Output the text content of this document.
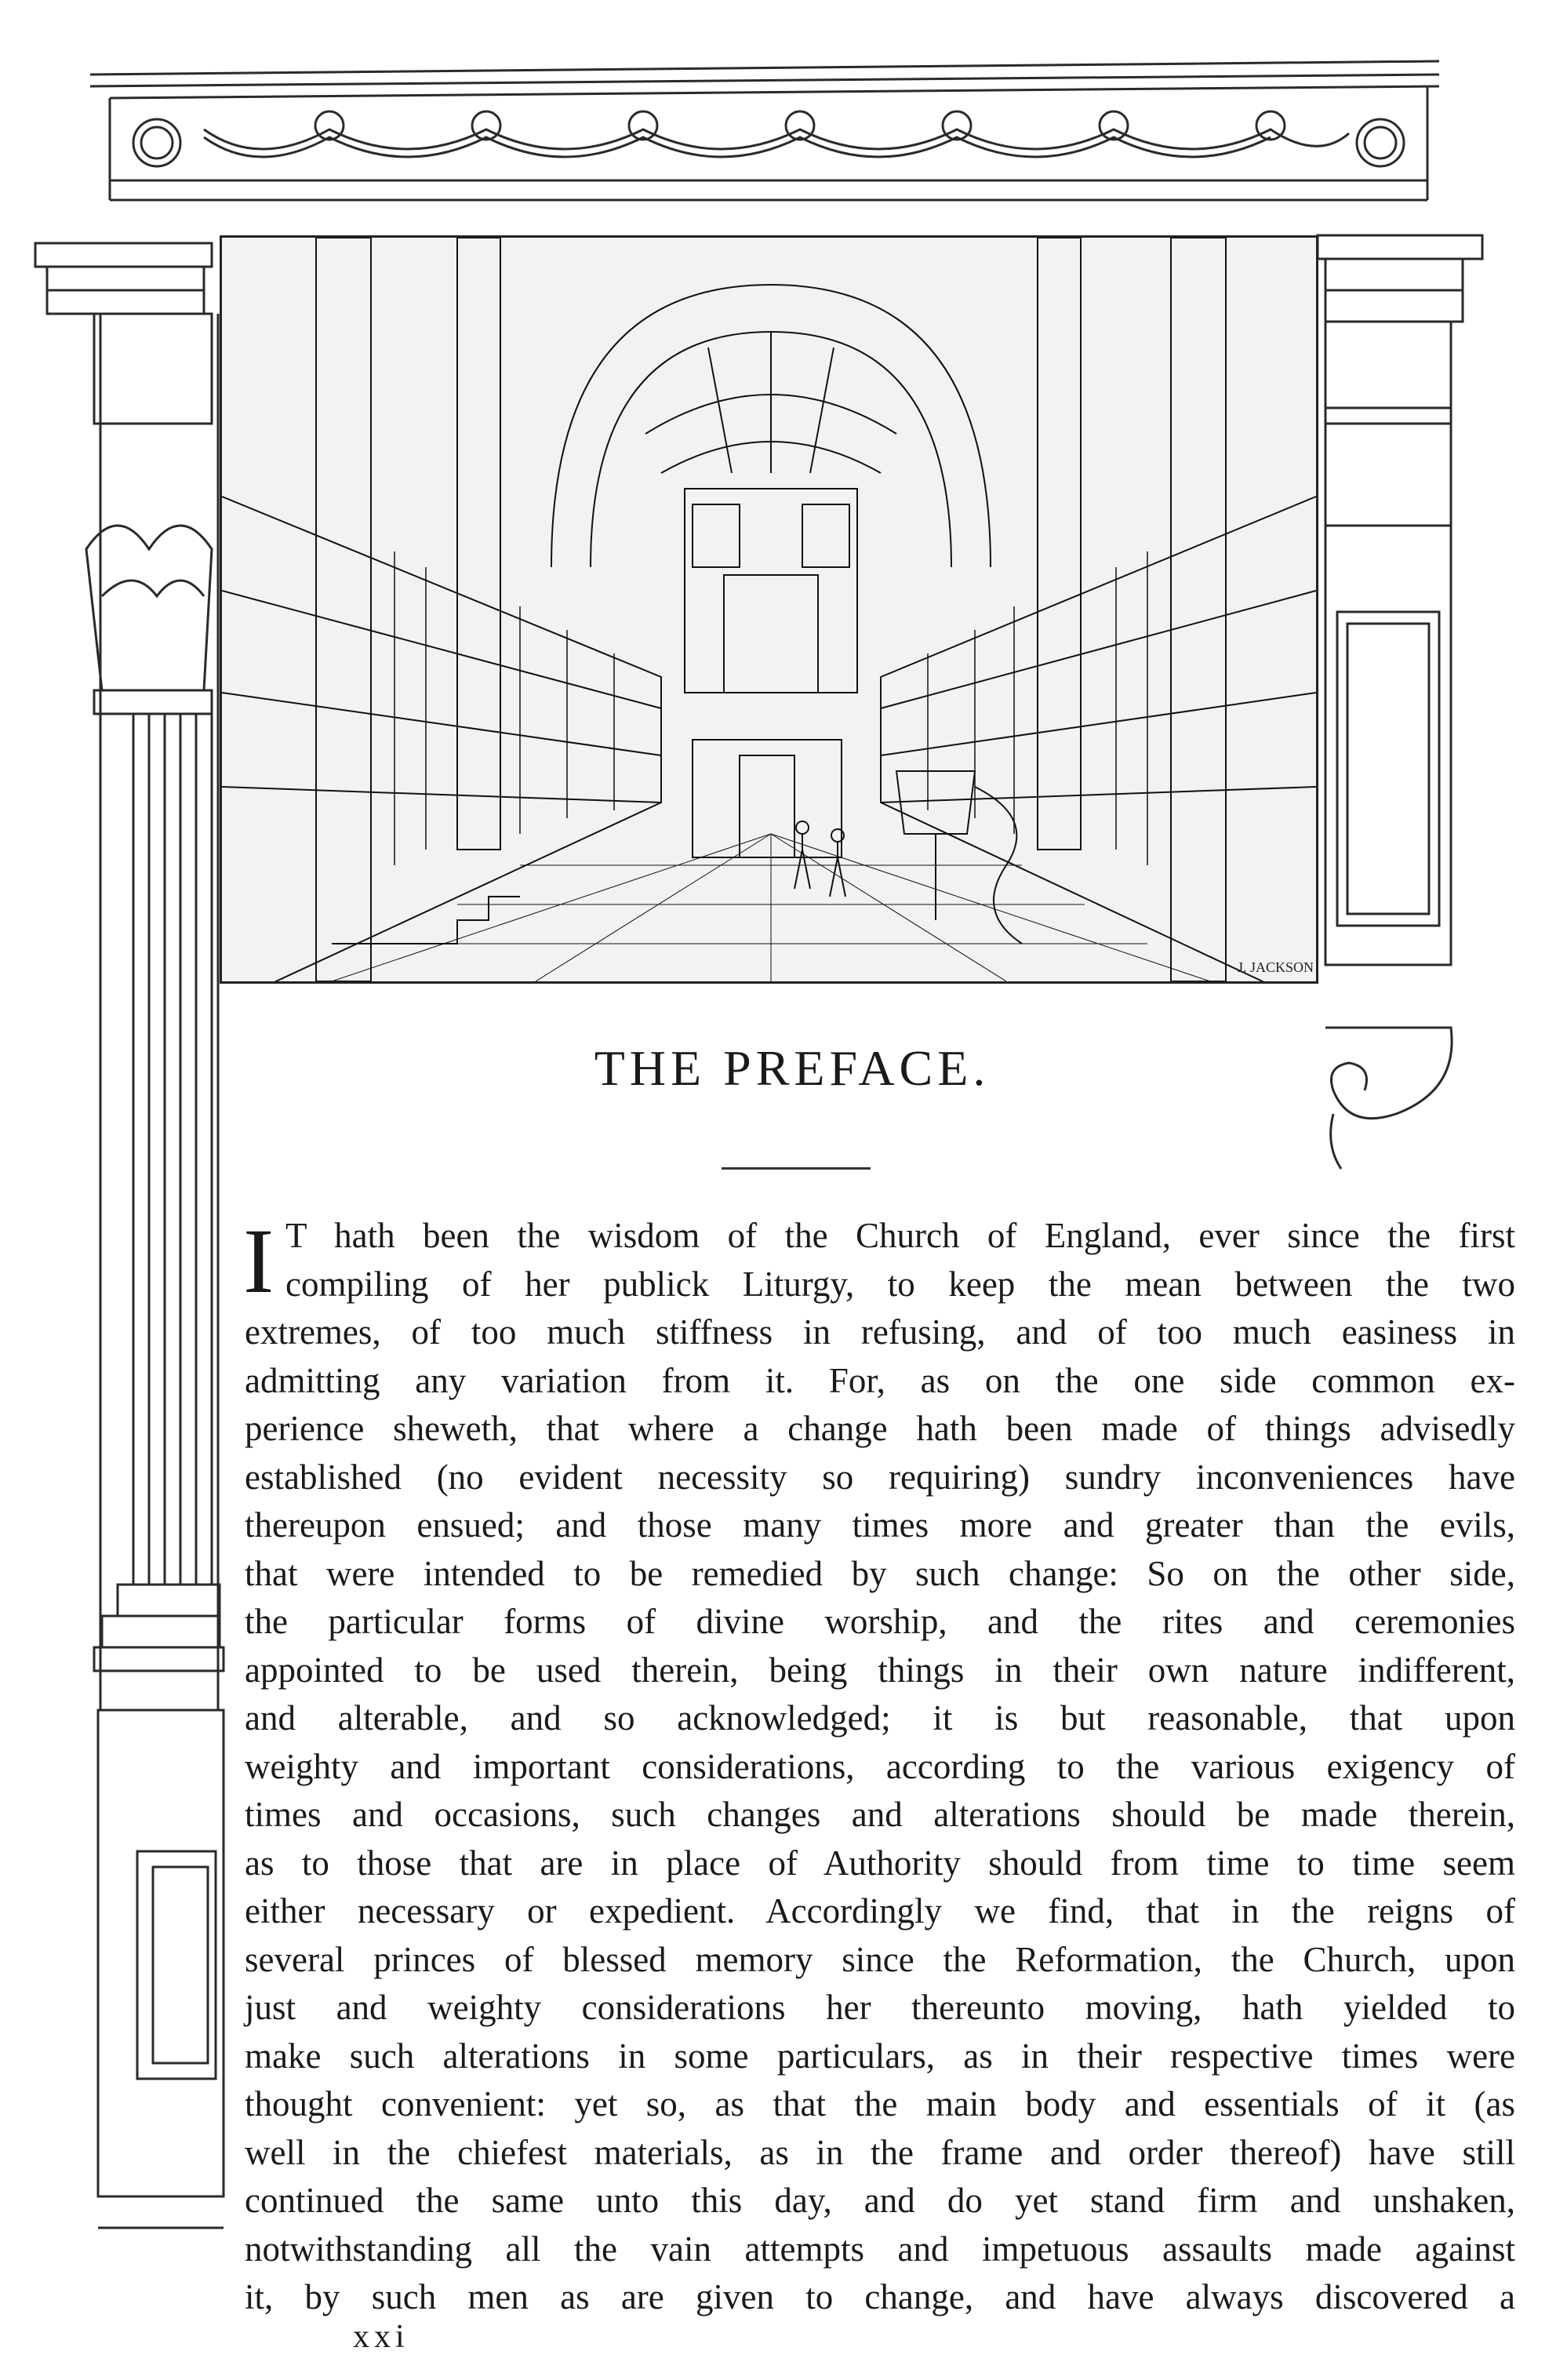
J. JACKSON
THE PREFACE.
I T hath been the wisdom of the Church of England, ever since the first
compiling of her publick Liturgy, to keep the mean between the two
extremes, of too much stiffness in refusing, and of too much easiness in
admitting any variation from it. For, as on the one side common ex-
perience sheweth, that where a change hath been made of things advisedly
established (no evident necessity so requiring) sundry inconveniences have
thereupon ensued; and those many times more and greater than the evils,
that were intended to be remedied by such change: So on the other side,
the particular forms of divine worship, and the rites and ceremonies
appointed to be used therein, being things in their own nature indifferent,
and alterable, and so acknowledged; it is but reasonable, that upon
weighty and important considerations, according to the various exigency of
times and occasions, such changes and alterations should be made therein,
as to those that are in place of Authority should from time to time seem
either necessary or expedient. Accordingly we find, that in the reigns of
several princes of blessed memory since the Reformation, the Church, upon
just and weighty considerations her thereunto moving, hath yielded to
make such alterations in some particulars, as in their respective times were
thought convenient: yet so, as that the main body and essentials of it (as
well in the chiefest materials, as in the frame and order thereof) have still
continued the same unto this day, and do yet stand firm and unshaken,
notwithstanding all the vain attempts and impetuous assaults made against
it, by such men as are given to change, and have always discovered a
xxi
